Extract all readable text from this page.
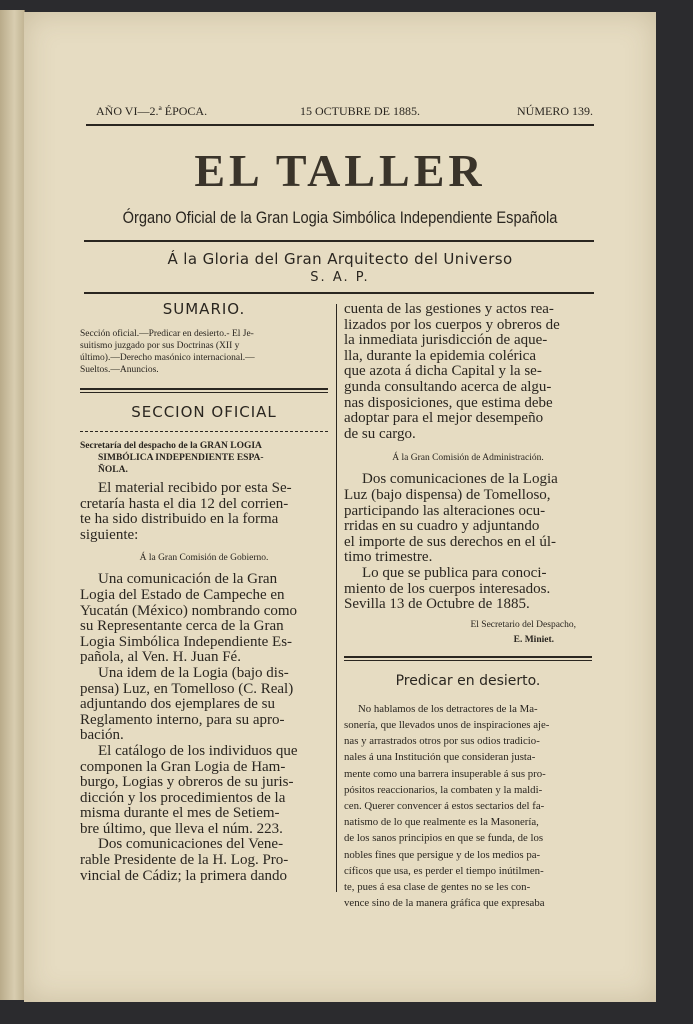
AÑO VI—2.ª ÉPOCA.	15 OCTUBRE DE 1885.	NÚMERO 139.
EL TALLER
Órgano Oficial de la Gran Logia Simbólica Independiente Española
Á la Gloria del Gran Arquitecto del Universo
S. A. P.
SUMARIO.
Sección oficial.—Predicar en desierto.- El Je-
suitismo juzgado por sus Doctrinas (XII y
último).—Derecho masónico internacional.—
Sueltos.—Anuncios.
SECCION OFICIAL
Secretaría del despacho de la GRAN LOGIA
SIMBÓLICA INDEPENDIENTE ESPA-
ÑOLA.
El material recibido por esta Se-
cretaría hasta el dia 12 del corrien-
te ha sido distribuido en la forma
siguiente:
Á la Gran Comisión de Gobierno.
Una comunicación de la Gran
Logia del Estado de Campeche en
Yucatán (México) nombrando como
su Representante cerca de la Gran
Logia Simbólica Independiente Es-
pañola, al Ven. H. Juan Fé.
Una idem de la Logia (bajo dis-
pensa) Luz, en Tomelloso (C. Real)
adjuntando dos ejemplares de su
Reglamento interno, para su apro-
bación.
El catálogo de los individuos que
componen la Gran Logia de Ham-
burgo, Logias y obreros de su juris-
dicción y los procedimientos de la
misma durante el mes de Setiem-
bre último, que lleva el núm. 223.
Dos comunicaciones del Vene-
rable Presidente de la H. Log. Pro-
vincial de Cádiz; la primera dando
cuenta de las gestiones y actos rea-
lizados por los cuerpos y obreros de
la inmediata jurisdicción de aque-
lla, durante la epidemia colérica
que azota á dicha Capital y la se-
gunda consultando acerca de algu-
nas disposiciones, que estima debe
adoptar para el mejor desempeño
de su cargo.
Á la Gran Comisión de Administración.
Dos comunicaciones de la Logia
Luz (bajo dispensa) de Tomelloso,
participando las alteraciones ocu-
rridas en su cuadro y adjuntando
el importe de sus derechos en el úl-
timo trimestre.
Lo que se publica para conoci-
miento de los cuerpos interesados.
Sevilla 13 de Octubre de 1885.
El Secretario del Despacho,
E. Miniet.
Predicar en desierto.
No hablamos de los detractores de la Ma-
sonería, que llevados unos de inspiraciones aje-
nas y arrastrados otros por sus odios tradicio-
nales á una Institución que consideran justa-
mente como una barrera insuperable á sus pro-
pósitos reaccionarios, la combaten y la maldi-
cen. Querer convencer á estos sectarios del fa-
natismo de lo que realmente es la Masonería,
de los sanos principios en que se funda, de los
nobles fines que persigue y de los medios pa-
cíficos que usa, es perder el tiempo inútilmen-
te, pues á esa clase de gentes no se les con-
vence sino de la manera gráfica que expresaba
